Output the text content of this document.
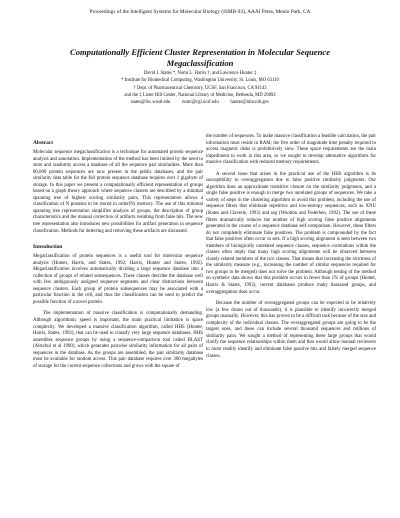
Proceedings of the Intelligent Systems for Molecular Biology (ISMB-93), AAAI Press, Menlo Park, CA
Computationally Efficient Cluster Representation in Molecular Sequence Megaclassification
David J. States *, Nomi L. Harris †, and Lawrence Hunter ‡
* Institute for Biomedical Computing, Washington University, St. Louis, MO 63110
† Dept. of Pharmaceutical Chemistry, UCSF, San Francisco, CA 94143
and the ‡ Lister Hill Center, National Library of Medicine, Bethesda, MD 20892
states@ibc.wustl.edu          nomi@cgl.ucsf.edu          hunter@nlm.nih.gov
Abstract

Molecular sequence megaclassification is a technique for automated protein sequence analysis and annotation. Implementation of the method has been limited by the need to store and randomly access a database of all the sequence pair similarities. More than 80,000 protein sequences are now present in the public databases, and the pair similarity data table for the full protein sequence database requires over 1 gigabyte of storage. In this paper we present a computationally efficient representation of groups based on a graph theory approach where sequence clusters are described by a minimal spanning tree of highest scoring similarity pairs. This representation allows a classification of N proteins to be stored in order(N) memory. The use of this minimal spanning tree representation simplifies analysis of groups, the description of group characteristics and the manual correction of artifacts resulting from false hits. The new tree representation also introduces new possibilities for artifact generation in sequence classification. Methods for detecting and removing these artifacts are discussed.

Introduction

Megaclassification of protein sequences is a useful tool for molecular sequence analysis (Hunter, Harris, and States, 1992; Harris, Hunter and States, 1992). Megaclassification involves automatically dividing a large sequence database into a collection of groups of related subsequences. These classes describe the database well with few ambiguously assigned sequence segments and clear distinctions between sequence clusters. Each group of protein subsequences may be associated with a particular function in the cell, and thus the classification can be used to predict the possible function of a novel protein.

The implementation of massive classification is computationally demanding. Although algorithmic speed is important, the main practical limitation is space complexity. We developed a massive classification algorithm, called HHS (Hunter, Harris, States, 1992), that can be used to classify very large sequence databases. HHS assembles sequence groups by using a sequence-comparison tool called BLAST (Altschul et al 1990), which generates pairwise similarity information for all pairs of sequences in the database. As the groups are assembled, the pair similarity database must be available for random access. This pair database requires over 300 megabytes of storage for the current sequence collections and grows with the square of

the number of sequences. To make massive classification a feasible calculation, the pair information must reside in RAM; the five order of magnitude time penalty required to access magnetic disks is prohibitively slow. These space requirements are the main impediment to work in this area, so we sought to develop alternative algorithms for massive classification with reduced memory requirements.

A second issue that arises in the practical use of the HHS algorithm is its susceptibility to overaggregation due to false positive similarity judgments. Our algorithm does an approximate transitive closure on the similarity judgments, and a single false positive is enough to merge two unrelated groups of sequences. We take a variety of steps in the clustering algorithm to avoid this problem, including the use of sequence filters that eliminate repetitive and low-entropy sequences, such as XNU (States and Claverie, 1993) and seg (Wootton and Federhen, 1992). The use of these filters dramatically reduces the number of high scoring false positive alignments generated in the course of a sequence database self-comparison. However, these filters do not completely eliminate false positives. The problem is compounded by the fact that false positives often occur in sets. If a high scoring alignment is seen between two members of biologically unrelated sequence classes, sequence correlations within the classes often imply that many high scoring alignments will be observed between closely related members of the two classes. That means that increasing the strictness of the similarity measure (e.g., increasing the number of similar sequences required for two groups to be merged) does not solve the problem. Although testing of the method on synthetic data shows that this problem occurs in fewer than 1% of groups (Hunter, Harris & States, 1992), current databases produce many thousand groups, and overaggregation does occur.

Because the number of overaggregated groups can be expected to be relatively low (a few dozen out of thousands), it is plausible to identify incorrectly merged groups manually. However, this has proven to be a difficult task because of the size and complexity of the individual classes. The overaggregated groups are going to be the largest ones, and these can include several thousand sequences and millions of similarity pairs. We sought a method of representing these large groups that would clarify the sequence relationships within them and that would allow manual reviewers to more readily identify and eliminate false positive hits and falsely merged sequence classes.
